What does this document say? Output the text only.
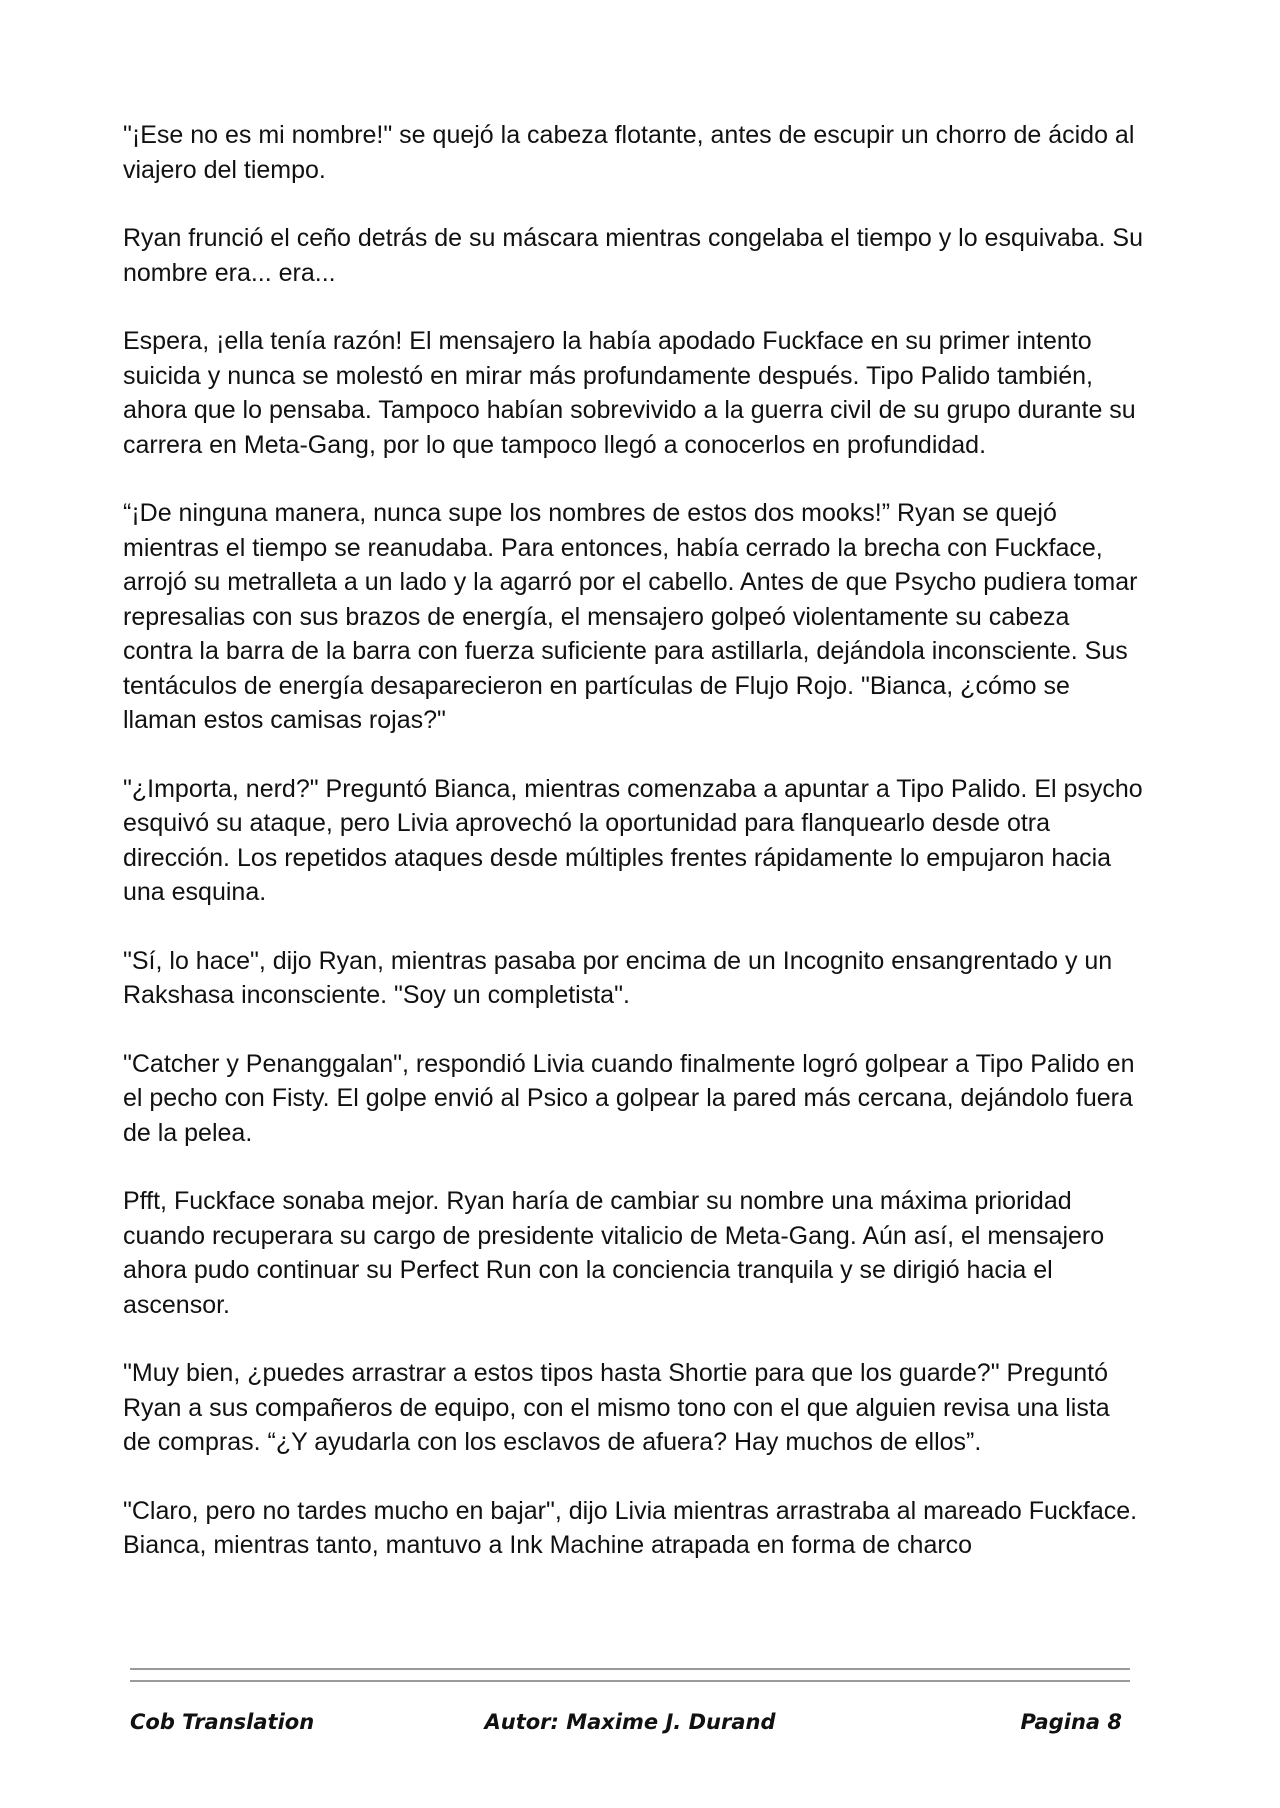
"¡Ese no es mi nombre!" se quejó la cabeza flotante, antes de escupir un chorro de ácido al viajero del tiempo.

Ryan frunció el ceño detrás de su máscara mientras congelaba el tiempo y lo esquivaba. Su nombre era... era...

Espera, ¡ella tenía razón! El mensajero la había apodado Fuckface en su primer intento suicida y nunca se molestó en mirar más profundamente después. Tipo Palido también, ahora que lo pensaba. Tampoco habían sobrevivido a la guerra civil de su grupo durante su carrera en Meta-Gang, por lo que tampoco llegó a conocerlos en profundidad.

“¡De ninguna manera, nunca supe los nombres de estos dos mooks!” Ryan se quejó mientras el tiempo se reanudaba. Para entonces, había cerrado la brecha con Fuckface, arrojó su metralleta a un lado y la agarró por el cabello. Antes de que Psycho pudiera tomar represalias con sus brazos de energía, el mensajero golpeó violentamente su cabeza contra la barra de la barra con fuerza suficiente para astillarla, dejándola inconsciente. Sus tentáculos de energía desaparecieron en partículas de Flujo Rojo. "Bianca, ¿cómo se llaman estos camisas rojas?"

"¿Importa, nerd?" Preguntó Bianca, mientras comenzaba a apuntar a Tipo Palido. El psycho esquivó su ataque, pero Livia aprovechó la oportunidad para flanquearlo desde otra dirección. Los repetidos ataques desde múltiples frentes rápidamente lo empujaron hacia una esquina.

"Sí, lo hace", dijo Ryan, mientras pasaba por encima de un Incognito ensangrentado y un Rakshasa inconsciente. "Soy un completista".

"Catcher y Penanggalan", respondió Livia cuando finalmente logró golpear a Tipo Palido en el pecho con Fisty. El golpe envió al Psico a golpear la pared más cercana, dejándolo fuera de la pelea.

Pfft, Fuckface sonaba mejor. Ryan haría de cambiar su nombre una máxima prioridad cuando recuperara su cargo de presidente vitalicio de Meta-Gang. Aún así, el mensajero ahora pudo continuar su Perfect Run con la conciencia tranquila y se dirigió hacia el ascensor.

"Muy bien, ¿puedes arrastrar a estos tipos hasta Shortie para que los guarde?" Preguntó Ryan a sus compañeros de equipo, con el mismo tono con el que alguien revisa una lista de compras. “¿Y ayudarla con los esclavos de afuera? Hay muchos de ellos”.

"Claro, pero no tardes mucho en bajar", dijo Livia mientras arrastraba al mareado Fuckface. Bianca, mientras tanto, mantuvo a Ink Machine atrapada en forma de charco

Cob Translation	Autor: Maxime J. Durand	Pagina 8
